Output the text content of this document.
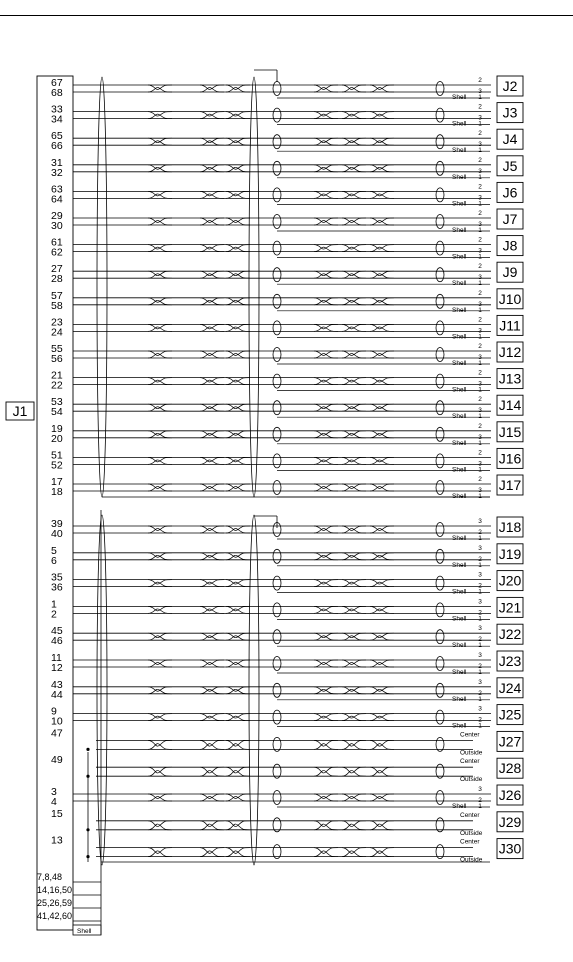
J1
Shell
67
68
2
3
1
Shell
J2
33
34
2
3
1
Shell
J3
65
66
2
3
1
Shell
J4
31
32
2
3
1
Shell
J5
63
64
2
3
1
Shell
J6
29
30
2
3
1
Shell
J7
61
62
2
3
1
Shell
J8
27
28
2
3
1
Shell
J9
57
58
2
3
1
Shell
J10
23
24
2
3
1
Shell
J11
55
56
2
3
1
Shell
J12
21
22
2
3
1
Shell
J13
53
54
2
3
1
Shell
J14
19
20
2
3
1
Shell
J15
51
52
2
3
1
Shell
J16
17
18
2
3
1
Shell
J17
39
40
3
2
1
Shell
J18
5
6
3
2
1
Shell
J19
35
36
3
2
1
Shell
J20
1
2
3
2
1
Shell
J21
45
46
3
2
1
Shell
J22
11
12
3
2
1
Shell
J23
43
44
3
2
1
Shell
J24
9
10
3
2
1
Shell
J25
47	Center
Outside
J27
49	Center
Outside
J28
3
4
3
2
1
Shell
J26
15	Center
Outside
J29
13	Center
Outside
J30
7,8,48
14,16,50
25,26,59
41,42,60
